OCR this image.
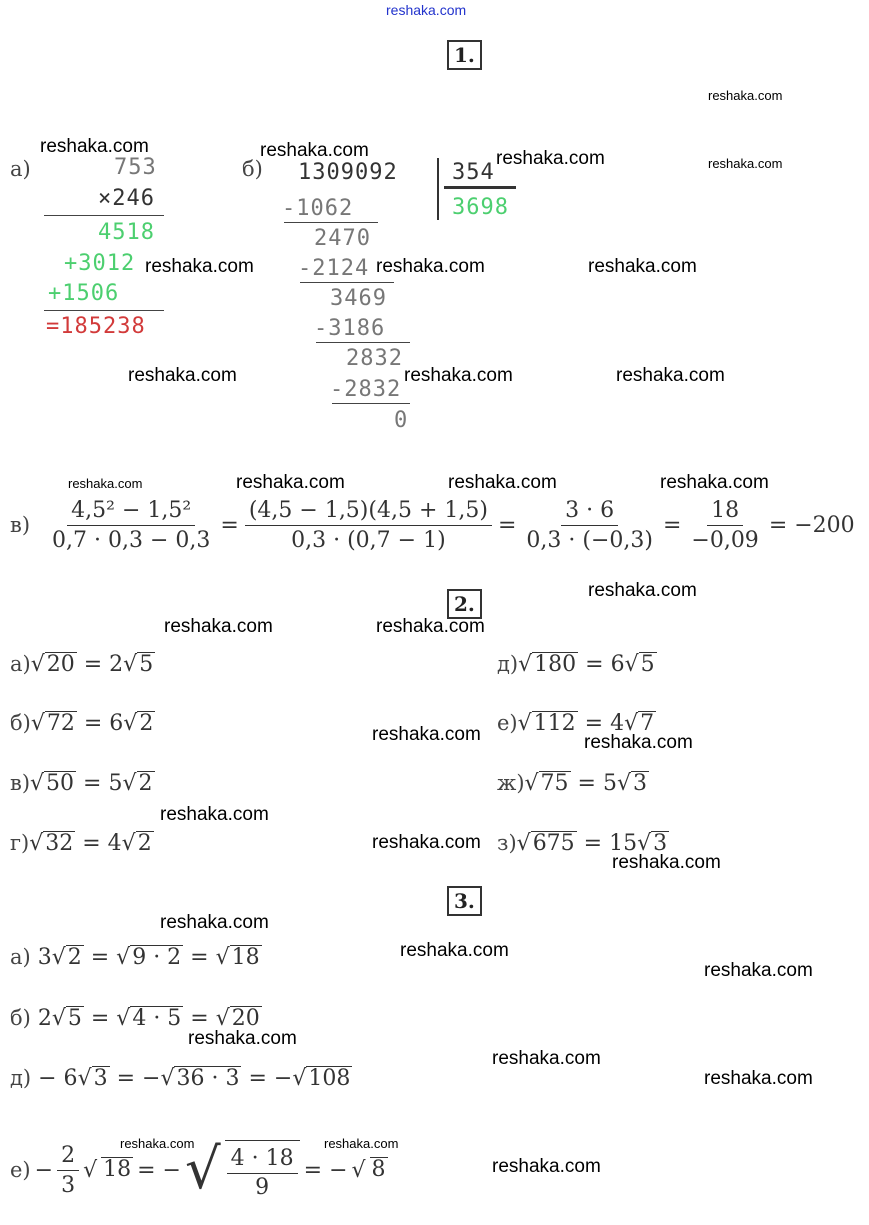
reshaka.com
1.
а)	753
×246
4518
+3012
+1506
=185238
б) 1309092 354
3698
-1062
2470
-2124
3469
-3186
2832
-2832
0
$в) \frac{\text{4,5² − 1,5²}}{0,7 \cdot 0,3 - 0,3} = \frac{(4,5 - 1,5)(4,5 + 1,5)}{0,3 \cdot (0,7 - 1)} = \frac{3 \cdot 6}{0,3 \cdot (-0,3)} = \frac{18}{-0,09} = -200$
2.
а)√20 = 2√5
б)√72 = 6√2
в)√50 = 5√2
г)√32 = 4√2
д)√180 = 6√5
е)√112 = 4√7
ж)√75 = 5√3
з)√675 = 15√3
3.
а) 3√2 = √9 · 2 = √18
б) 2√5 = √4 · 5 = √20
д) − 6√3 = −√36 · 3 = −√108
$е) - \frac{2}{3}$ √ 18 = − √ $\frac{4 \cdot 18}{9}$ = − √ 8
reshaka.com	reshaka.com	reshaka.com
reshaka.com
reshaka.com
reshaka.com	reshaka.com	reshaka.com
reshaka.com	reshaka.com	reshaka.com
reshaka.com	reshaka.com	reshaka.com	reshaka.com
reshaka.com
reshaka.com	reshaka.com
reshaka.com	reshaka.com
reshaka.com
reshaka.com
reshaka.com
reshaka.com
reshaka.com
reshaka.com
reshaka.com
reshaka.com
reshaka.com
reshaka.com	reshaka.com
reshaka.com
